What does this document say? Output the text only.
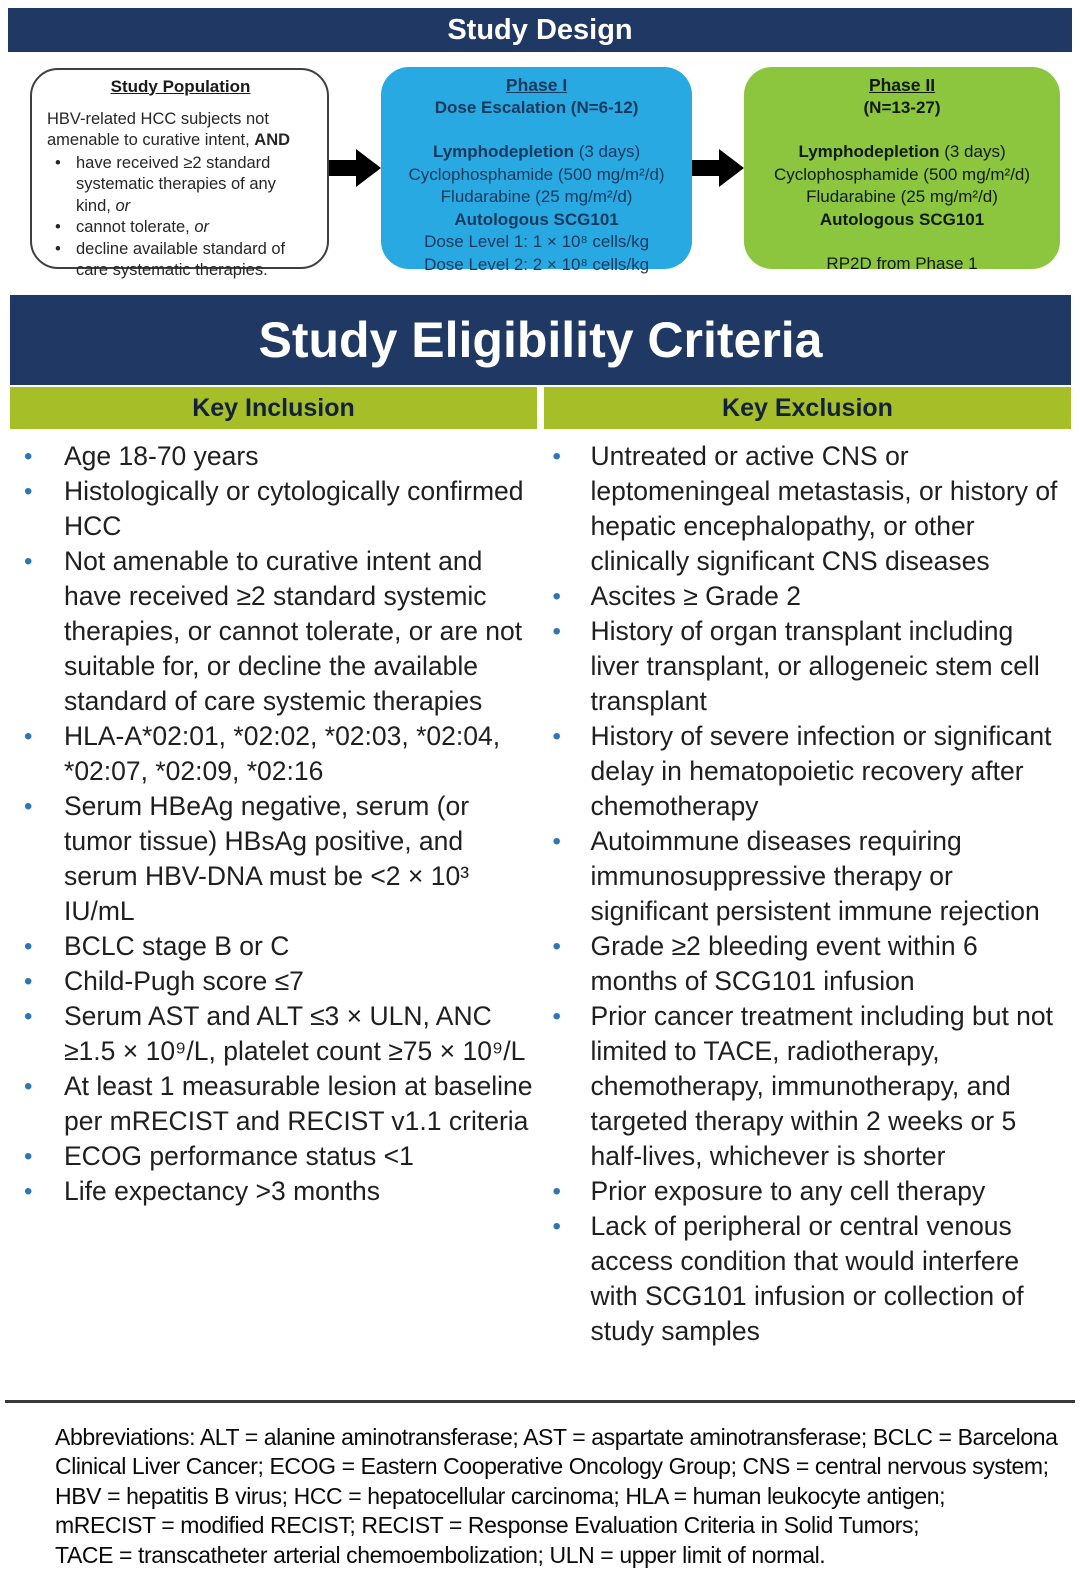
Study Design
Study Population
HBV-related HCC subjects not amenable to curative intent, AND
• have received ≥2 standard systematic therapies of any kind, or
• cannot tolerate, or
• decline available standard of care systematic therapies.
Phase I
Dose Escalation (N=6-12)
Lymphodepletion (3 days)
Cyclophosphamide (500 mg/m²/d)
Fludarabine (25 mg/m²/d)
Autologous SCG101
Dose Level 1: 1 × 10⁸ cells/kg
Dose Level 2: 2 × 10⁸ cells/kg
Phase II
(N=13-27)
Lymphodepletion (3 days)
Cyclophosphamide (500 mg/m²/d)
Fludarabine (25 mg/m²/d)
Autologous SCG101
RP2D from Phase 1
Study Eligibility Criteria
Key Inclusion	Key Exclusion
• Age 18-70 years
• Histologically or cytologically confirmed HCC
• Not amenable to curative intent and have received ≥2 standard systemic therapies, or cannot tolerate, or are not suitable for, or decline the available standard of care systemic therapies
• HLA-A*02:01, *02:02, *02:03, *02:04, *02:07, *02:09, *02:16
• Serum HBeAg negative, serum (or tumor tissue) HBsAg positive, and serum HBV-DNA must be <2 × 10³ IU/mL
• BCLC stage B or C
• Child-Pugh score ≤7
• Serum AST and ALT ≤3 × ULN, ANC ≥1.5 × 10⁹/L, platelet count ≥75 × 10⁹/L
• At least 1 measurable lesion at baseline per mRECIST and RECIST v1.1 criteria
• ECOG performance status <1
• Life expectancy >3 months
• Untreated or active CNS or leptomeningeal metastasis, or history of hepatic encephalopathy, or other clinically significant CNS diseases
• Ascites ≥ Grade 2
• History of organ transplant including liver transplant, or allogeneic stem cell transplant
• History of severe infection or significant delay in hematopoietic recovery after chemotherapy
• Autoimmune diseases requiring immunosuppressive therapy or significant persistent immune rejection
• Grade ≥2 bleeding event within 6 months of SCG101 infusion
• Prior cancer treatment including but not limited to TACE, radiotherapy, chemotherapy, immunotherapy, and targeted therapy within 2 weeks or 5 half-lives, whichever is shorter
• Prior exposure to any cell therapy
• Lack of peripheral or central venous access condition that would interfere with SCG101 infusion or collection of study samples
Abbreviations: ALT = alanine aminotransferase; AST = aspartate aminotransferase; BCLC = Barcelona
Clinical Liver Cancer; ECOG = Eastern Cooperative Oncology Group; CNS = central nervous system;
HBV = hepatitis B virus; HCC = hepatocellular carcinoma; HLA = human leukocyte antigen;
mRECIST = modified RECIST; RECIST = Response Evaluation Criteria in Solid Tumors;
TACE = transcatheter arterial chemoembolization; ULN = upper limit of normal.
